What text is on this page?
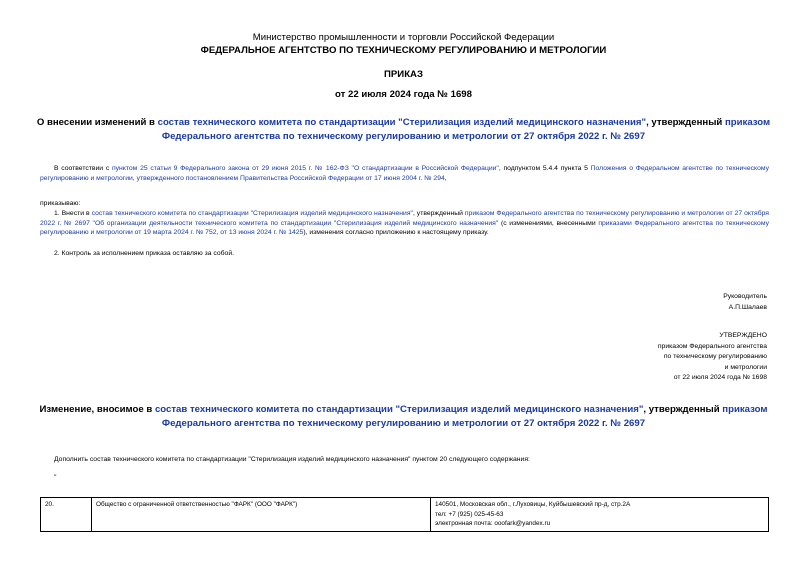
Министерство промышленности и торговли Российской Федерации
ФЕДЕРАЛЬНОЕ АГЕНТСТВО ПО ТЕХНИЧЕСКОМУ РЕГУЛИРОВАНИЮ И МЕТРОЛОГИИ
ПРИКАЗ
от 22 июля 2024 года № 1698
О внесении изменений в состав технического комитета по стандартизации "Стерилизация изделий медицинского назначения", утвержденный приказом Федерального агентства по техническому регулированию и метрологии от 27 октября 2022 г. № 2697
В соответствии с пунктом 25 статьи 9 Федерального закона от 29 июня 2015 г. № 162-ФЗ "О стандартизации в Российской Федерации", подпунктом 5.4.4 пункта 5 Положения о Федеральном агентстве по техническому регулированию и метрологии, утвержденного постановлением Правительства Российской Федерации от 17 июня 2004 г. № 294,
приказываю:
1. Внести в состав технического комитета по стандартизации "Стерилизация изделий медицинского назначения", утвержденный приказом Федерального агентства по техническому регулированию и метрологии от 27 октября 2022 г. № 2697 "Об организации деятельности технического комитета по стандартизации "Стерилизация изделий медицинского назначения" (с изменениями, внесенными приказами Федерального агентства по техническому регулированию и метрологии от 19 марта 2024 г. № 752, от 13 июня 2024 г. № 1425), изменения согласно приложению к настоящему приказу.
2. Контроль за исполнением приказа оставляю за собой.
Руководитель
А.П.Шалаев
УТВЕРЖДЕНО
приказом Федерального агентства
по техническому регулированию
и метрологии
от 22 июля 2024 года № 1698
Изменение, вносимое в состав технического комитета по стандартизации "Стерилизация изделий медицинского назначения", утвержденный приказом Федерального агентства по техническому регулированию и метрологии от 27 октября 2022 г. № 2697
Дополнить состав технического комитета по стандартизации "Стерилизация изделий медицинского назначения" пунктом 20 следующего содержания:
"
20.	Общество с ограниченной ответственностью "ФАРК" (ООО "ФАРК")	140501, Московская обл., г.Луховицы, Куйбышевский пр-д, стр.2А
тел: +7 (925) 025-45-63
электронная почта: ooofark@yandex.ru
